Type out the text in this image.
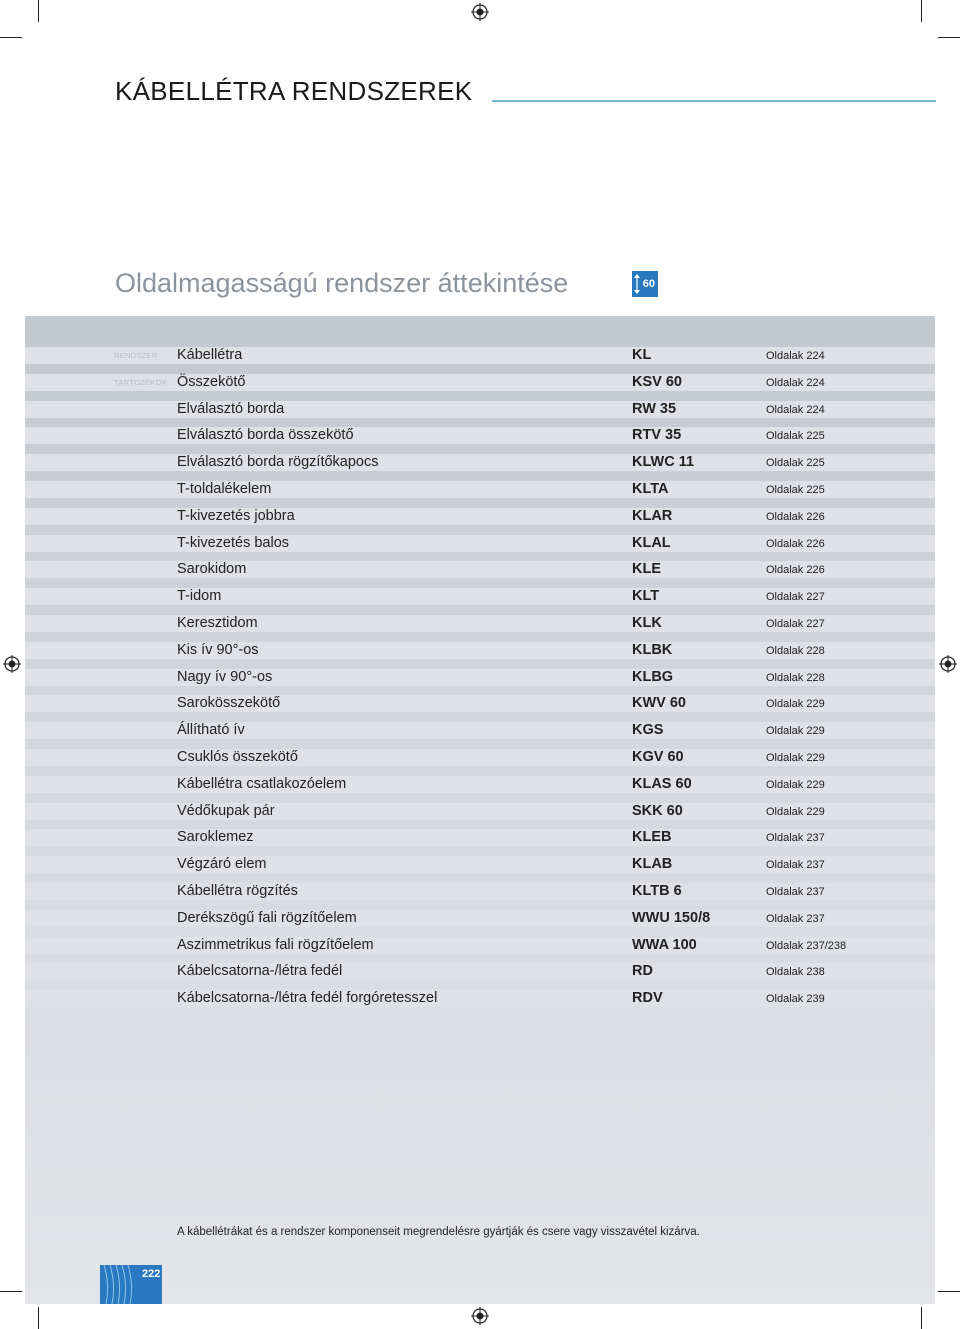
KÁBELLÉTRA RENDSZEREK
Oldalmagasságú rendszer áttekintése	60
Kábellétra	KL	Oldalak 224
Összekötő	KSV 60	Oldalak 224
Elválasztó borda	RW 35	Oldalak 224
Elválasztó borda összekötő	RTV 35	Oldalak 225
Elválasztó borda rögzítőkapocs	KLWC 11	Oldalak 225
T-toldalékelem	KLTA	Oldalak 225
T-kivezetés jobbra	KLAR	Oldalak 226
T-kivezetés balos	KLAL	Oldalak 226
Sarokidom	KLE	Oldalak 226
T-idom	KLT	Oldalak 227
Keresztidom	KLK	Oldalak 227
Kis ív 90°-os	KLBK	Oldalak 228
Nagy ív 90°-os	KLBG	Oldalak 228
Sarokösszekötő	KWV 60	Oldalak 229
Állítható ív	KGS	Oldalak 229
Csuklós összekötő	KGV 60	Oldalak 229
Kábellétra csatlakozóelem	KLAS 60	Oldalak 229
Védőkupak pár	SKK 60	Oldalak 229
Saroklemez	KLEB	Oldalak 237
Végzáró elem	KLAB	Oldalak 237
Kábellétra rögzítés	KLTB 6	Oldalak 237
Derékszögű fali rögzítőelem	WWU 150/8	Oldalak 237
Aszimmetrikus fali rögzítőelem	WWA 100	Oldalak 237/238
Kábelcsatorna-/létra fedél	RD	Oldalak 238
Kábelcsatorna-/létra fedél forgóretesszel	RDV	Oldalak 239
RENDSZER
TARTOZÉKOK
A kábellétrákat és a rendszer komponenseit megrendelésre gyártják és csere vagy visszavétel kizárva.
222
